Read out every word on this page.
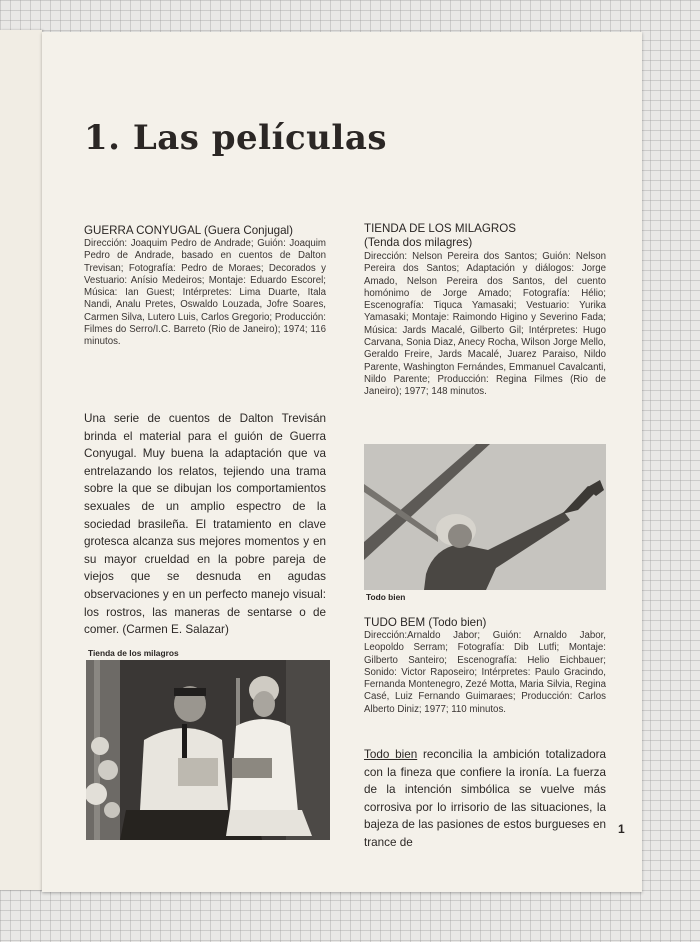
1. Las películas

GUERRA CONYUGAL (Guera Conjugal)

Dirección: Joaquim Pedro de Andrade; Guión: Joaquim Pedro de Andrade, basado en cuentos de Dalton Trevisan; Fotografía: Pedro de Moraes; Decorados y Vestuario: Anísio Medeiros; Montaje: Eduardo Escorel; Música: Ian Guest; Intérpretes: Lima Duarte, Itala Nandi, Analu Pretes, Oswaldo Louzada, Jofre Soares, Carmen Silva, Lutero Luis, Carlos Gregorio; Producción: Filmes do Serro/I.C. Barreto (Rio de Janeiro); 1974; 116 minutos.

Una serie de cuentos de Dalton Trevisán brinda el material para el guión de Guerra Conyugal. Muy buena la adaptación que va entrelazando los relatos, tejiendo una trama sobre la que se dibujan los comportamientos sexuales de un amplio espectro de la sociedad brasileña. El tratamiento en clave grotesca alcanza sus mejores momentos y en su mayor crueldad en la pobre pareja de viejos que se desnuda en agudas observaciones y en un perfecto manejo visual: los rostros, las maneras de sentarse o de comer. (Carmen E. Salazar)

Tienda de los milagros

TIENDA DE LOS MILAGROS

(Tenda dos milagres)

Dirección: Nelson Pereira dos Santos; Guión: Nelson Pereira dos Santos; Adaptación y diálogos: Jorge Amado, Nelson Pereira dos Santos, del cuento homónimo de Jorge Amado; Fotografía: Hélio; Escenografía: Tiquca Yamasaki; Vestuario: Yurika Yamasaki; Montaje: Raimondo Higino y Severino Fada; Música: Jards Macalé, Gilberto Gil; Intérpretes: Hugo Carvana, Sonia Diaz, Anecy Rocha, Wilson Jorge Mello, Geraldo Freire, Jards Macalé, Juarez Paraiso, Nildo Parente, Washington Fernándes, Emmanuel Cavalcanti, Nildo Parente; Producción: Regina Filmes (Rio de Janeiro); 1977; 148 minutos.

Todo bien

TUDO BEM (Todo bien)

Dirección:Arnaldo Jabor; Guión: Arnaldo Jabor, Leopoldo Serram; Fotografía: Dib Lutfi; Montaje: Gilberto Santeiro; Escenografía: Helio Eichbauer; Sonido: Victor Raposeiro; Intérpretes: Paulo Gracindo, Fernanda Montenegro, Zezé Motta, Maria Silvia, Regina Casé, Luiz Fernando Guimaraes; Producción: Carlos Alberto Diniz; 1977; 110 minutos.

Todo bien reconcilia la ambición totalizadora con la fineza que confiere la ironía. La fuerza de la intención simbólica se vuelve más corrosiva por lo irrisorio de las situaciones, la bajeza de las pasiones de estos burgueses en trance de

1
